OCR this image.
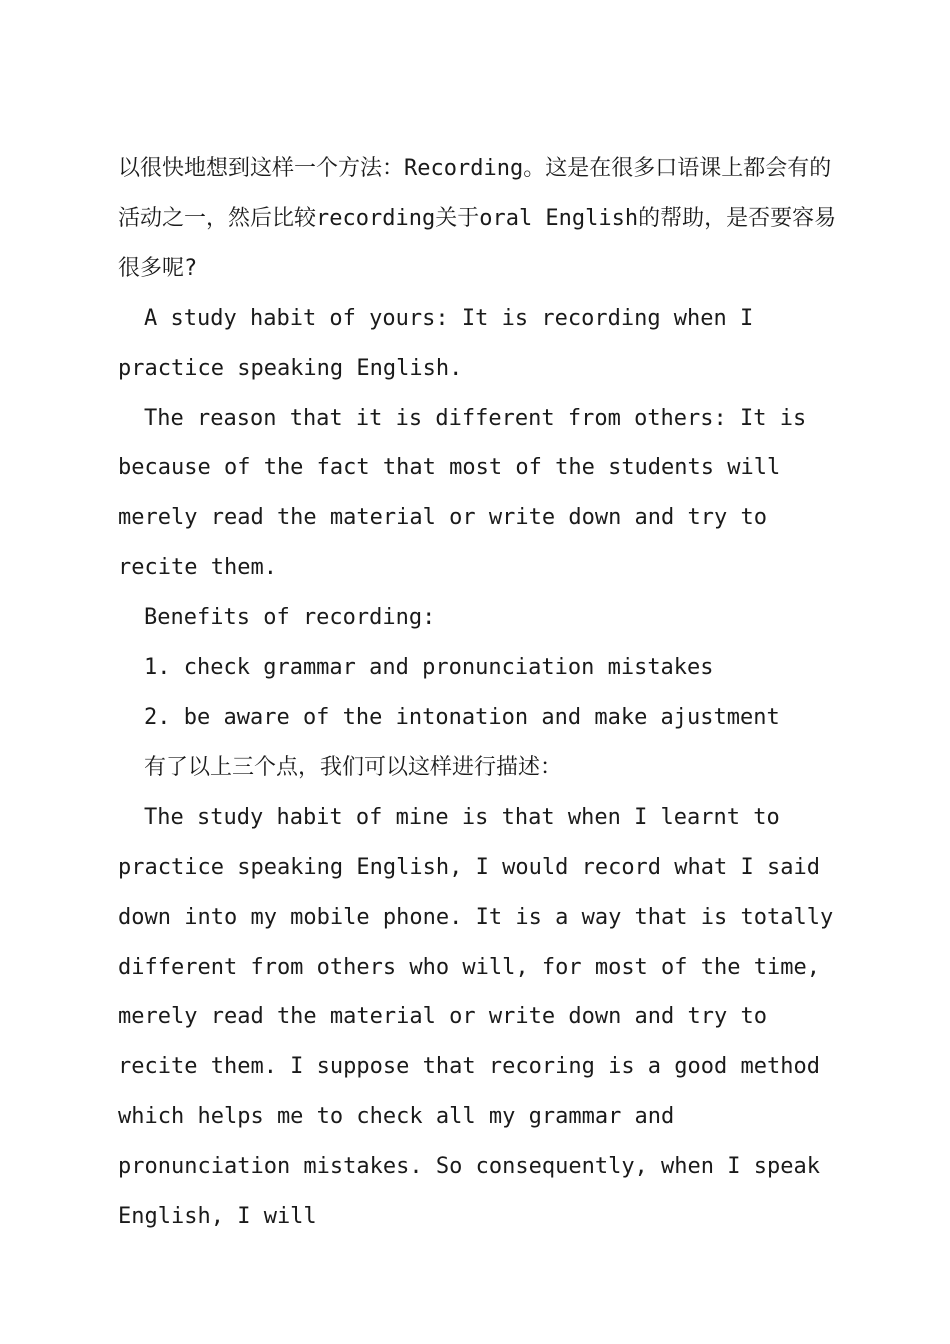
以很快地想到这样一个方法：Recording。这是在很多口语课上都会有的活动之一，然后比较recording关于oral English的帮助，是否要容易很多呢?

A study habit of yours: It is recording when I practice speaking English.

The reason that it is different from others: It is because of the fact that most of the students will merely read the material or write down and try to recite them.

Benefits of recording:

1. check grammar and pronunciation mistakes

2. be aware of the intonation and make ajustment

有了以上三个点，我们可以这样进行描述：

The study habit of mine is that when I learnt to practice speaking English, I would record what I said down into my mobile phone. It is a way that is totally different from others who will, for most of the time, merely read the material or write down and try to recite them. I suppose that recoring is a good method which helps me to check all my grammar and pronunciation mistakes. So consequently, when I speak English, I will
